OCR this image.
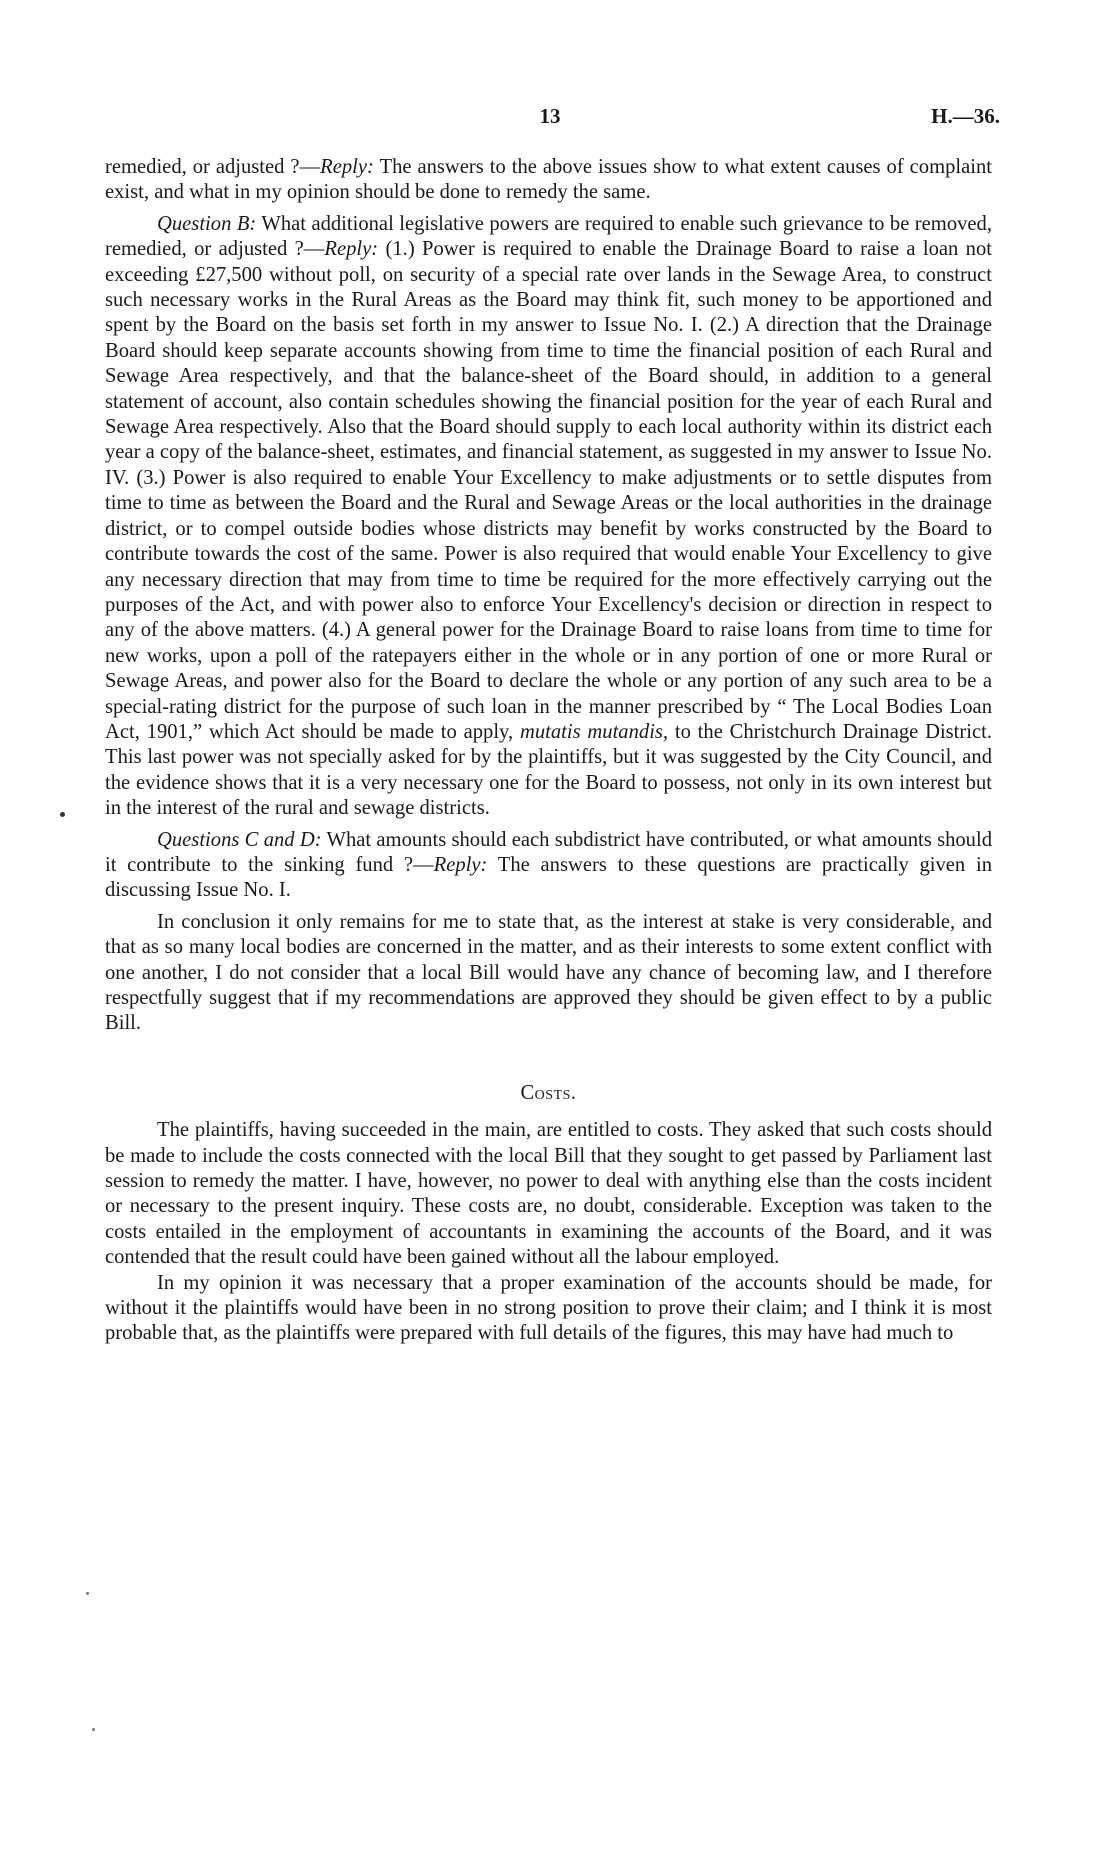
13	H.—36.

remedied, or adjusted ?—Reply: The answers to the above issues show to what extent causes of complaint exist, and what in my opinion should be done to remedy the same.

Question B: What additional legislative powers are required to enable such grievance to be removed, remedied, or adjusted ?—Reply: (1.) Power is required to enable the Drainage Board to raise a loan not exceeding £27,500 without poll, on security of a special rate over lands in the Sewage Area, to construct such necessary works in the Rural Areas as the Board may think fit, such money to be apportioned and spent by the Board on the basis set forth in my answer to Issue No. I. (2.) A direction that the Drainage Board should keep separate accounts showing from time to time the financial position of each Rural and Sewage Area respectively, and that the balance-sheet of the Board should, in addition to a general statement of account, also contain schedules showing the financial position for the year of each Rural and Sewage Area respectively. Also that the Board should supply to each local authority within its district each year a copy of the balance-sheet, estimates, and financial statement, as suggested in my answer to Issue No. IV. (3.) Power is also required to enable Your Excellency to make adjustments or to settle disputes from time to time as between the Board and the Rural and Sewage Areas or the local authorities in the drainage district, or to compel outside bodies whose districts may benefit by works constructed by the Board to contribute towards the cost of the same. Power is also required that would enable Your Excellency to give any necessary direction that may from time to time be required for the more effectively carrying out the purposes of the Act, and with power also to enforce Your Excellency's decision or direction in respect to any of the above matters. (4.) A general power for the Drainage Board to raise loans from time to time for new works, upon a poll of the ratepayers either in the whole or in any portion of one or more Rural or Sewage Areas, and power also for the Board to declare the whole or any portion of any such area to be a special-rating district for the purpose of such loan in the manner prescribed by “ The Local Bodies Loan Act, 1901,” which Act should be made to apply, mutatis mutandis, to the Christchurch Drainage District. This last power was not specially asked for by the plaintiffs, but it was suggested by the City Council, and the evidence shows that it is a very necessary one for the Board to possess, not only in its own interest but in the interest of the rural and sewage districts.

Questions C and D: What amounts should each subdistrict have contributed, or what amounts should it contribute to the sinking fund ?—Reply: The answers to these questions are practically given in discussing Issue No. I.

In conclusion it only remains for me to state that, as the interest at stake is very considerable, and that as so many local bodies are concerned in the matter, and as their interests to some extent conflict with one another, I do not consider that a local Bill would have any chance of becoming law, and I therefore respectfully suggest that if my recommendations are approved they should be given effect to by a public Bill.

Costs.

The plaintiffs, having succeeded in the main, are entitled to costs. They asked that such costs should be made to include the costs connected with the local Bill that they sought to get passed by Parliament last session to remedy the matter. I have, however, no power to deal with anything else than the costs incident or necessary to the present inquiry. These costs are, no doubt, considerable. Exception was taken to the costs entailed in the employment of accountants in examining the accounts of the Board, and it was contended that the result could have been gained without all the labour employed.

In my opinion it was necessary that a proper examination of the accounts should be made, for without it the plaintiffs would have been in no strong position to prove their claim; and I think it is most probable that, as the plaintiffs were prepared with full details of the figures, this may have had much to
